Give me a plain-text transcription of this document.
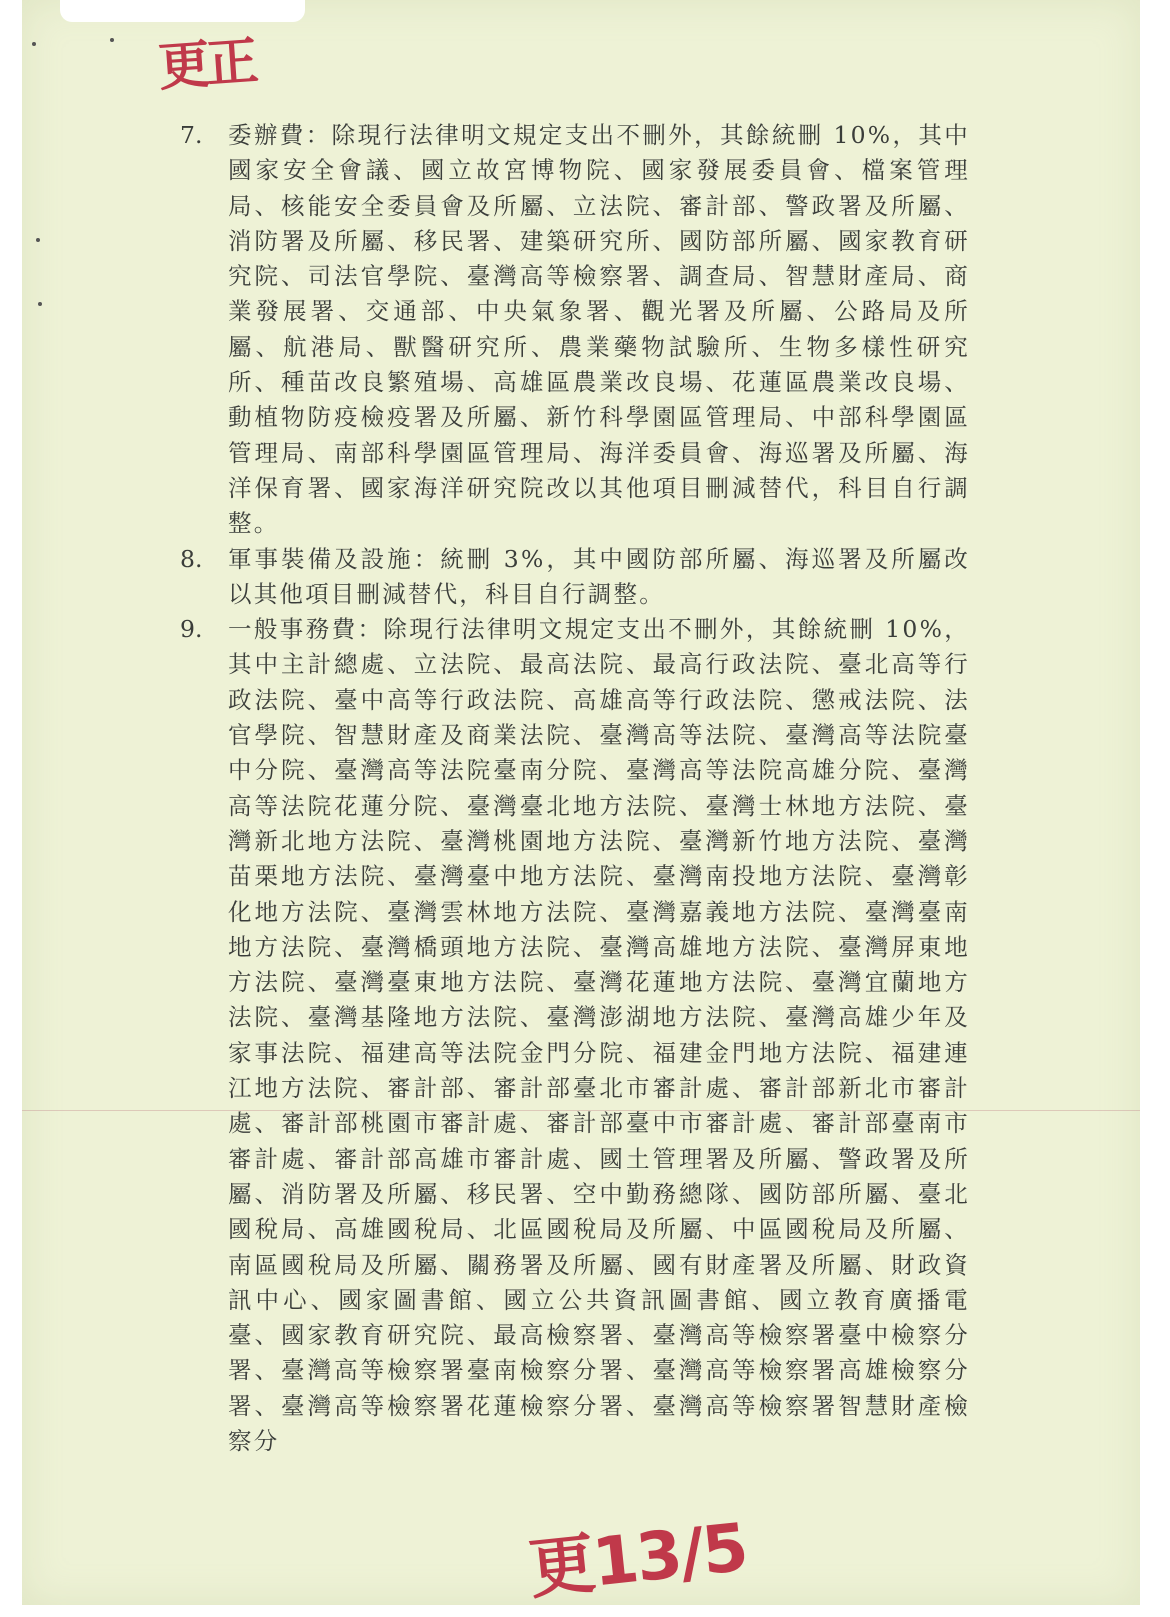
更正
7. 委辦費：除現行法律明文規定支出不刪外，其餘統刪 10%，其中國家安全會議、國立故宮博物院、國家發展委員會、檔案管理局、核能安全委員會及所屬、立法院、審計部、警政署及所屬、消防署及所屬、移民署、建築研究所、國防部所屬、國家教育研究院、司法官學院、臺灣高等檢察署、調查局、智慧財產局、商業發展署、交通部、中央氣象署、觀光署及所屬、公路局及所屬、航港局、獸醫研究所、農業藥物試驗所、生物多樣性研究所、種苗改良繁殖場、高雄區農業改良場、花蓮區農業改良場、動植物防疫檢疫署及所屬、新竹科學園區管理局、中部科學園區管理局、南部科學園區管理局、海洋委員會、海巡署及所屬、海洋保育署、國家海洋研究院改以其他項目刪減替代，科目自行調整。
8. 軍事裝備及設施：統刪 3%，其中國防部所屬、海巡署及所屬改以其他項目刪減替代，科目自行調整。
9. 一般事務費：除現行法律明文規定支出不刪外，其餘統刪 10%，其中主計總處、立法院、最高法院、最高行政法院、臺北高等行政法院、臺中高等行政法院、高雄高等行政法院、懲戒法院、法官學院、智慧財產及商業法院、臺灣高等法院、臺灣高等法院臺中分院、臺灣高等法院臺南分院、臺灣高等法院高雄分院、臺灣高等法院花蓮分院、臺灣臺北地方法院、臺灣士林地方法院、臺灣新北地方法院、臺灣桃園地方法院、臺灣新竹地方法院、臺灣苗栗地方法院、臺灣臺中地方法院、臺灣南投地方法院、臺灣彰化地方法院、臺灣雲林地方法院、臺灣嘉義地方法院、臺灣臺南地方法院、臺灣橋頭地方法院、臺灣高雄地方法院、臺灣屏東地方法院、臺灣臺東地方法院、臺灣花蓮地方法院、臺灣宜蘭地方法院、臺灣基隆地方法院、臺灣澎湖地方法院、臺灣高雄少年及家事法院、福建高等法院金門分院、福建金門地方法院、福建連江地方法院、審計部、審計部臺北市審計處、審計部新北市審計處、審計部桃園市審計處、審計部臺中市審計處、審計部臺南市審計處、審計部高雄市審計處、國土管理署及所屬、警政署及所屬、消防署及所屬、移民署、空中勤務總隊、國防部所屬、臺北國稅局、高雄國稅局、北區國稅局及所屬、中區國稅局及所屬、南區國稅局及所屬、關務署及所屬、國有財產署及所屬、財政資訊中心、國家圖書館、國立公共資訊圖書館、國立教育廣播電臺、國家教育研究院、最高檢察署、臺灣高等檢察署臺中檢察分署、臺灣高等檢察署臺南檢察分署、臺灣高等檢察署高雄檢察分署、臺灣高等檢察署花蓮檢察分署、臺灣高等檢察署智慧財產檢察分
更13/5
